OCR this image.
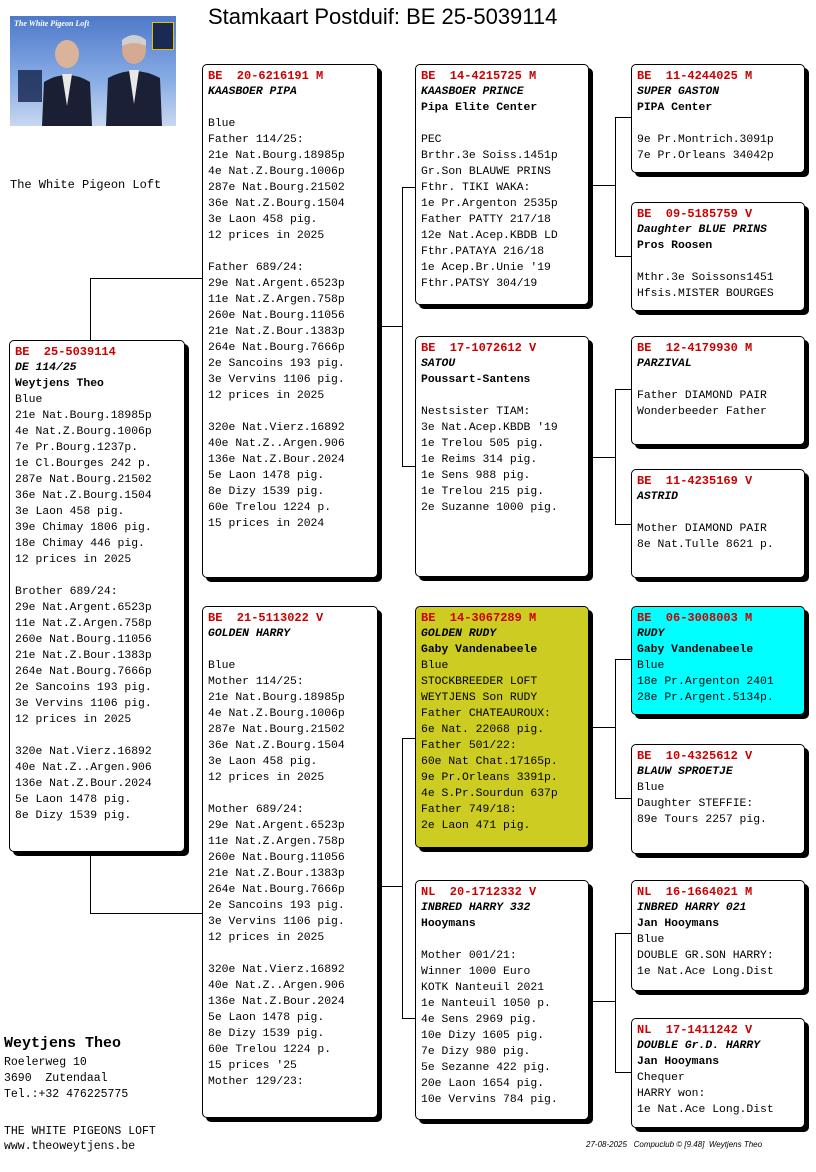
Stamkaart Postduif: BE 25-5039114
The White Pigeon Loft
The White Pigeon Loft
BE  25-5039114
DE 114/25
Weytjens Theo
Blue
21e Nat.Bourg.18985p
4e Nat.Z.Bourg.1006p
7e Pr.Bourg.1237p.
1e Cl.Bourges 242 p.
287e Nat.Bourg.21502
36e Nat.Z.Bourg.1504
3e Laon 458 pig.
39e Chimay 1806 pig.
18e Chimay 446 pig.
12 prices in 2025
Brother 689/24:
29e Nat.Argent.6523p
11e Nat.Z.Argen.758p
260e Nat.Bourg.11056
21e Nat.Z.Bour.1383p
264e Nat.Bourg.7666p
2e Sancoins 193 pig.
3e Vervins 1106 pig.
12 prices in 2025
320e Nat.Vierz.16892
40e Nat.Z..Argen.906
136e Nat.Z.Bour.2024
5e Laon 1478 pig.
8e Dizy 1539 pig.
BE  20-6216191 M
KAASBOER PIPA
Blue
Father 114/25:
21e Nat.Bourg.18985p
4e Nat.Z.Bourg.1006p
287e Nat.Bourg.21502
36e Nat.Z.Bourg.1504
3e Laon 458 pig.
12 prices in 2025
Father 689/24:
29e Nat.Argent.6523p
11e Nat.Z.Argen.758p
260e Nat.Bourg.11056
21e Nat.Z.Bour.1383p
264e Nat.Bourg.7666p
2e Sancoins 193 pig.
3e Vervins 1106 pig.
12 prices in 2025
320e Nat.Vierz.16892
40e Nat.Z..Argen.906
136e Nat.Z.Bour.2024
5e Laon 1478 pig.
8e Dizy 1539 pig.
60e Trelou 1224 p.
15 prices in 2024
BE  21-5113022 V
GOLDEN HARRY
Blue
Mother 114/25:
21e Nat.Bourg.18985p
4e Nat.Z.Bourg.1006p
287e Nat.Bourg.21502
36e Nat.Z.Bourg.1504
3e Laon 458 pig.
12 prices in 2025
Mother 689/24:
29e Nat.Argent.6523p
11e Nat.Z.Argen.758p
260e Nat.Bourg.11056
21e Nat.Z.Bour.1383p
264e Nat.Bourg.7666p
2e Sancoins 193 pig.
3e Vervins 1106 pig.
12 prices in 2025
320e Nat.Vierz.16892
40e Nat.Z..Argen.906
136e Nat.Z.Bour.2024
5e Laon 1478 pig.
8e Dizy 1539 pig.
60e Trelou 1224 p.
15 prices '25
Mother 129/23:
BE  14-4215725 M
KAASBOER PRINCE
Pipa Elite Center
PEC
Brthr.3e Soiss.1451p
Gr.Son BLAUWE PRINS
Fthr. TIKI WAKA:
1e Pr.Argenton 2535p
Father PATTY 217/18
12e Nat.Acep.KBDB LD
Fthr.PATAYA 216/18
1e Acep.Br.Unie '19
Fthr.PATSY 304/19
BE  17-1072612 V
SATOU
Poussart-Santens
Nestsister TIAM:
3e Nat.Acep.KBDB '19
1e Trelou 505 pig.
1e Reims 314 pig.
1e Sens 988 pig.
1e Trelou 215 pig.
2e Suzanne 1000 pig.
BE  14-3067289 M
GOLDEN RUDY
Gaby Vandenabeele
Blue
STOCKBREEDER LOFT
WEYTJENS Son RUDY
Father CHATEAUROUX:
6e Nat. 22068 pig.
Father 501/22:
60e Nat Chat.17165p.
9e Pr.Orleans 3391p.
4e S.Pr.Sourdun 637p
Father 749/18:
2e Laon 471 pig.
NL  20-1712332 V
INBRED HARRY 332
Hooymans
Mother 001/21:
Winner 1000 Euro
KOTK Nanteuil 2021
1e Nanteuil 1050 p.
4e Sens 2969 pig.
10e Dizy 1605 pig.
7e Dizy 980 pig.
5e Sezanne 422 pig.
20e Laon 1654 pig.
10e Vervins 784 pig.
BE  11-4244025 M
SUPER GASTON
PIPA Center
9e Pr.Montrich.3091p
7e Pr.Orleans 34042p
BE  09-5185759 V
Daughter BLUE PRINS
Pros Roosen
Mthr.3e Soissons1451
Hfsis.MISTER BOURGES
BE  12-4179930 M
PARZIVAL
Father DIAMOND PAIR
Wonderbeeder Father
BE  11-4235169 V
ASTRID
Mother DIAMOND PAIR
8e Nat.Tulle 8621 p.
BE  06-3008003 M
RUDY
Gaby Vandenabeele
Blue
18e Pr.Argenton 2401
28e Pr.Argent.5134p.
BE  10-4325612 V
BLAUW SPROETJE
Blue
Daughter STEFFIE:
89e Tours 2257 pig.
NL  16-1664021 M
INBRED HARRY 021
Jan Hooymans
Blue
DOUBLE GR.SON HARRY:
1e Nat.Ace Long.Dist
NL  17-1411242 V
DOUBLE Gr.D. HARRY
Jan Hooymans
Chequer
HARRY won:
1e Nat.Ace Long.Dist
Weytjens Theo
Roelerweg 10
3690  Zutendaal
Tel.:+32 476225775
THE WHITE PIGEONS LOFT
www.theoweytjens.be	27-08-2025   Compuclub © [9.48]  Weytjens Theo
